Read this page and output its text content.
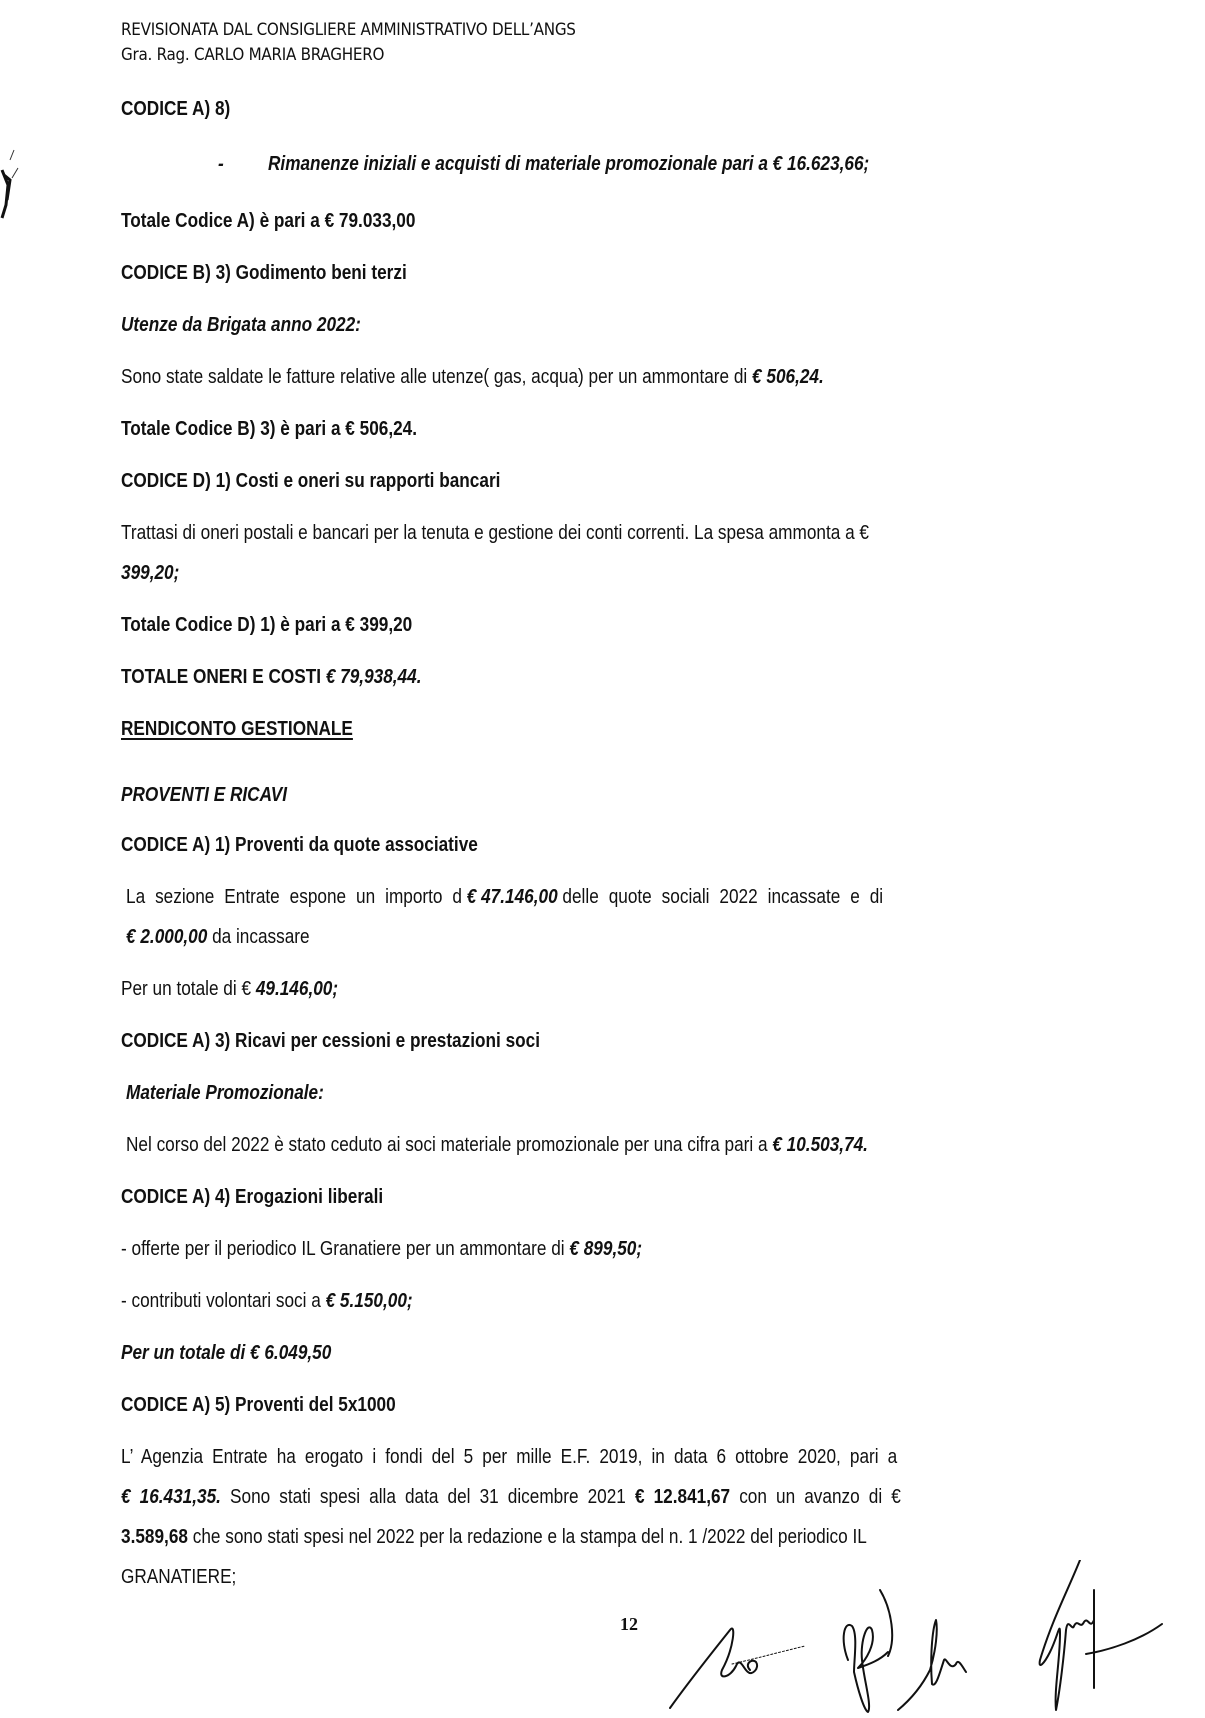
REVISIONATA DAL CONSIGLIERE AMMINISTRATIVO DELL’ANGS
Gra. Rag. CARLO MARIA BRAGHERO
CODICE A) 8)
- Rimanenze iniziali e acquisti di materiale promozionale pari a € 16.623,66;
Totale Codice A) è pari a € 79.033,00
CODICE B) 3) Godimento beni terzi
Utenze da Brigata anno 2022:
Sono state saldate le fatture relative alle utenze( gas, acqua) per un ammontare di € 506,24.
Totale Codice B) 3) è pari a € 506,24.
CODICE D) 1) Costi e oneri su rapporti bancari
Trattasi di oneri postali e bancari per la tenuta e gestione dei conti correnti. La spesa ammonta a €
399,20;
Totale Codice D) 1) è pari a € 399,20
TOTALE ONERI E COSTI € 79,938,44.
RENDICONTO GESTIONALE
PROVENTI E RICAVI
CODICE A) 1) Proventi da quote associative
La sezione Entrate espone un importo d € 47.146,00 delle quote sociali 2022 incassate e di
€ 2.000,00 da incassare
Per un totale di € 49.146,00;
CODICE A) 3) Ricavi per cessioni e prestazioni soci
Materiale Promozionale:
Nel corso del 2022 è stato ceduto ai soci materiale promozionale per una cifra pari a € 10.503,74.
CODICE A) 4) Erogazioni liberali
- offerte per il periodico IL Granatiere per un ammontare di € 899,50;
- contributi volontari soci a € 5.150,00;
Per un totale di € 6.049,50
CODICE A) 5) Proventi del 5x1000
L’ Agenzia Entrate ha erogato i fondi del 5 per mille E.F. 2019, in data 6 ottobre 2020, pari a
€ 16.431,35. Sono stati spesi alla data del 31 dicembre 2021 € 12.841,67 con un avanzo di €
3.589,68 che sono stati spesi nel 2022 per la redazione e la stampa del n. 1 /2022 del periodico IL
GRANATIERE;
12
